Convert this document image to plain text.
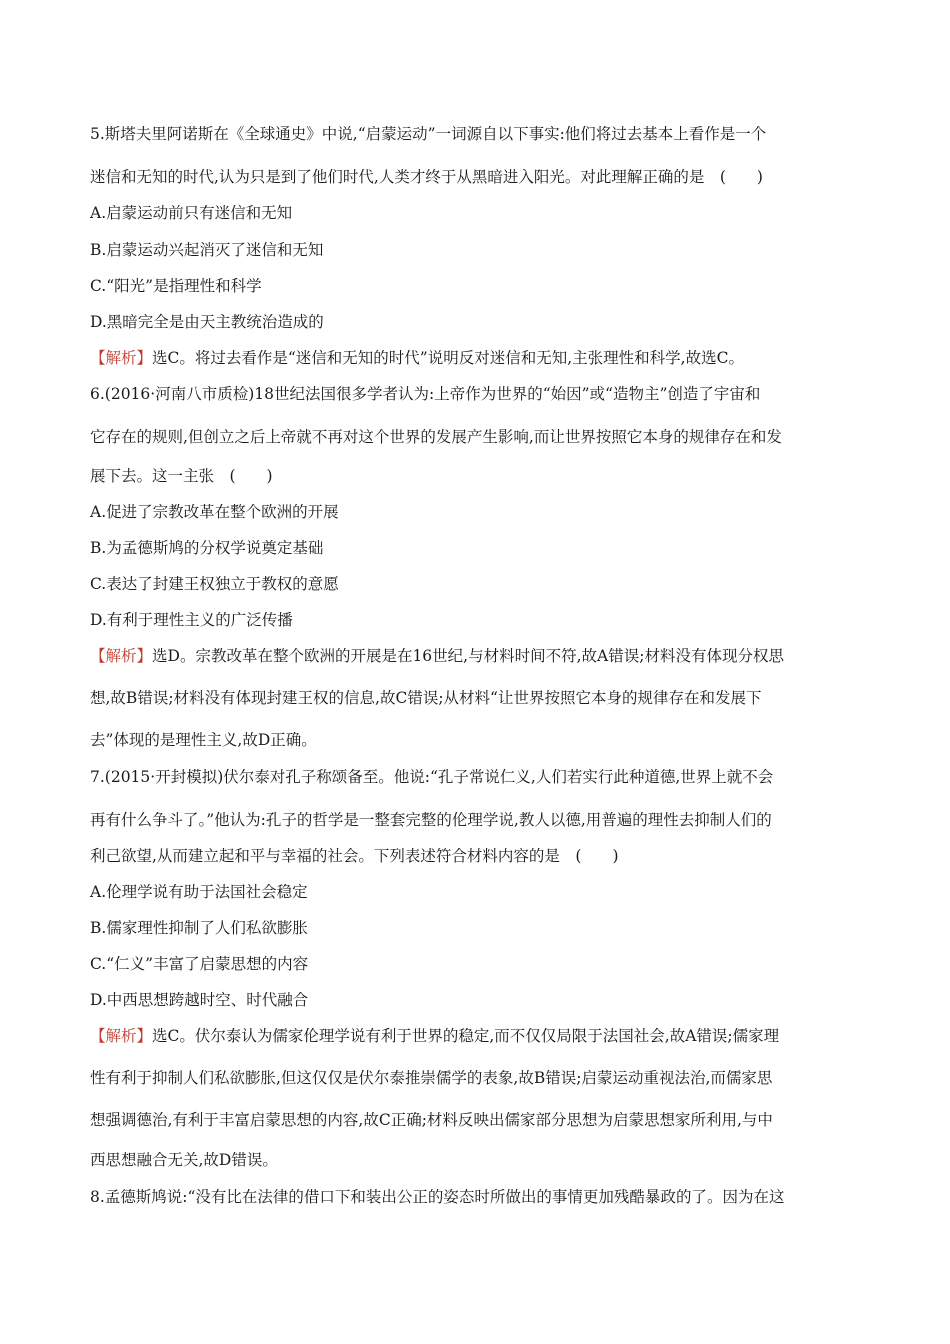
5.斯塔夫里阿诺斯在《全球通史》中说,“启蒙运动”一词源自以下事实:他们将过去基本上看作是一个
迷信和无知的时代,认为只是到了他们时代,人类才终于从黑暗进入阳光。对此理解正确的是　(　　)
A.启蒙运动前只有迷信和无知
B.启蒙运动兴起消灭了迷信和无知
C.“阳光”是指理性和科学
D.黑暗完全是由天主教统治造成的
【解析】选C。将过去看作是“迷信和无知的时代”说明反对迷信和无知,主张理性和科学,故选C。
6.(2016·河南八市质检)18世纪法国很多学者认为:上帝作为世界的“始因”或“造物主”创造了宇宙和
它存在的规则,但创立之后上帝就不再对这个世界的发展产生影响,而让世界按照它本身的规律存在和发
展下去。这一主张　(　　)
A.促进了宗教改革在整个欧洲的开展
B.为孟德斯鸠的分权学说奠定基础
C.表达了封建王权独立于教权的意愿
D.有利于理性主义的广泛传播
【解析】选D。宗教改革在整个欧洲的开展是在16世纪,与材料时间不符,故A错误;材料没有体现分权思
想,故B错误;材料没有体现封建王权的信息,故C错误;从材料“让世界按照它本身的规律存在和发展下
去”体现的是理性主义,故D正确。
7.(2015·开封模拟)伏尔泰对孔子称颂备至。他说:“孔子常说仁义,人们若实行此种道德,世界上就不会
再有什么争斗了。”他认为:孔子的哲学是一整套完整的伦理学说,教人以德,用普遍的理性去抑制人们的
利己欲望,从而建立起和平与幸福的社会。下列表述符合材料内容的是　(　　)
A.伦理学说有助于法国社会稳定
B.儒家理性抑制了人们私欲膨胀
C.“仁义”丰富了启蒙思想的内容
D.中西思想跨越时空、时代融合
【解析】选C。伏尔泰认为儒家伦理学说有利于世界的稳定,而不仅仅局限于法国社会,故A错误;儒家理
性有利于抑制人们私欲膨胀,但这仅仅是伏尔泰推崇儒学的表象,故B错误;启蒙运动重视法治,而儒家思
想强调德治,有利于丰富启蒙思想的内容,故C正确;材料反映出儒家部分思想为启蒙思想家所利用,与中
西思想融合无关,故D错误。
8.孟德斯鸠说:“没有比在法律的借口下和装出公正的姿态时所做出的事情更加残酷暴政的了。因为在这
